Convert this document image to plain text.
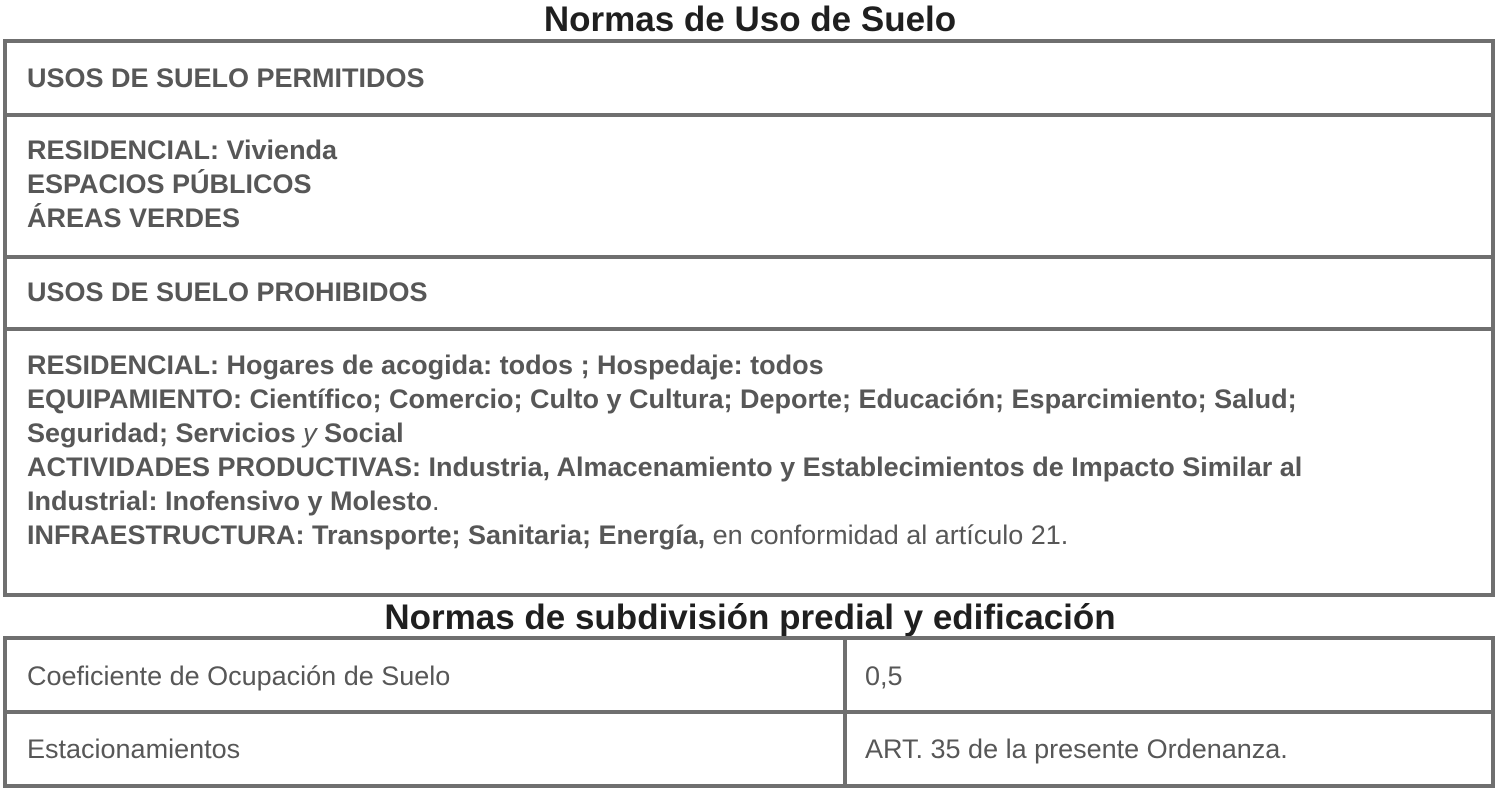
Normas de Uso de Suelo
USOS DE SUELO PERMITIDOS
RESIDENCIAL: Vivienda
ESPACIOS PÚBLICOS
ÁREAS VERDES
USOS DE SUELO PROHIBIDOS
RESIDENCIAL: Hogares de acogida: todos ; Hospedaje: todos
EQUIPAMIENTO: Científico; Comercio; Culto y Cultura; Deporte; Educación; Esparcimiento; Salud;
Seguridad; Servicios y Social
ACTIVIDADES PRODUCTIVAS: Industria, Almacenamiento y Establecimientos de Impacto Similar al
Industrial: Inofensivo y Molesto.
INFRAESTRUCTURA: Transporte; Sanitaria; Energía, en conformidad al artículo 21.
Normas de subdivisión predial y edificación
Coeficiente de Ocupación de Suelo	0,5
Estacionamientos	ART. 35 de la presente Ordenanza.
